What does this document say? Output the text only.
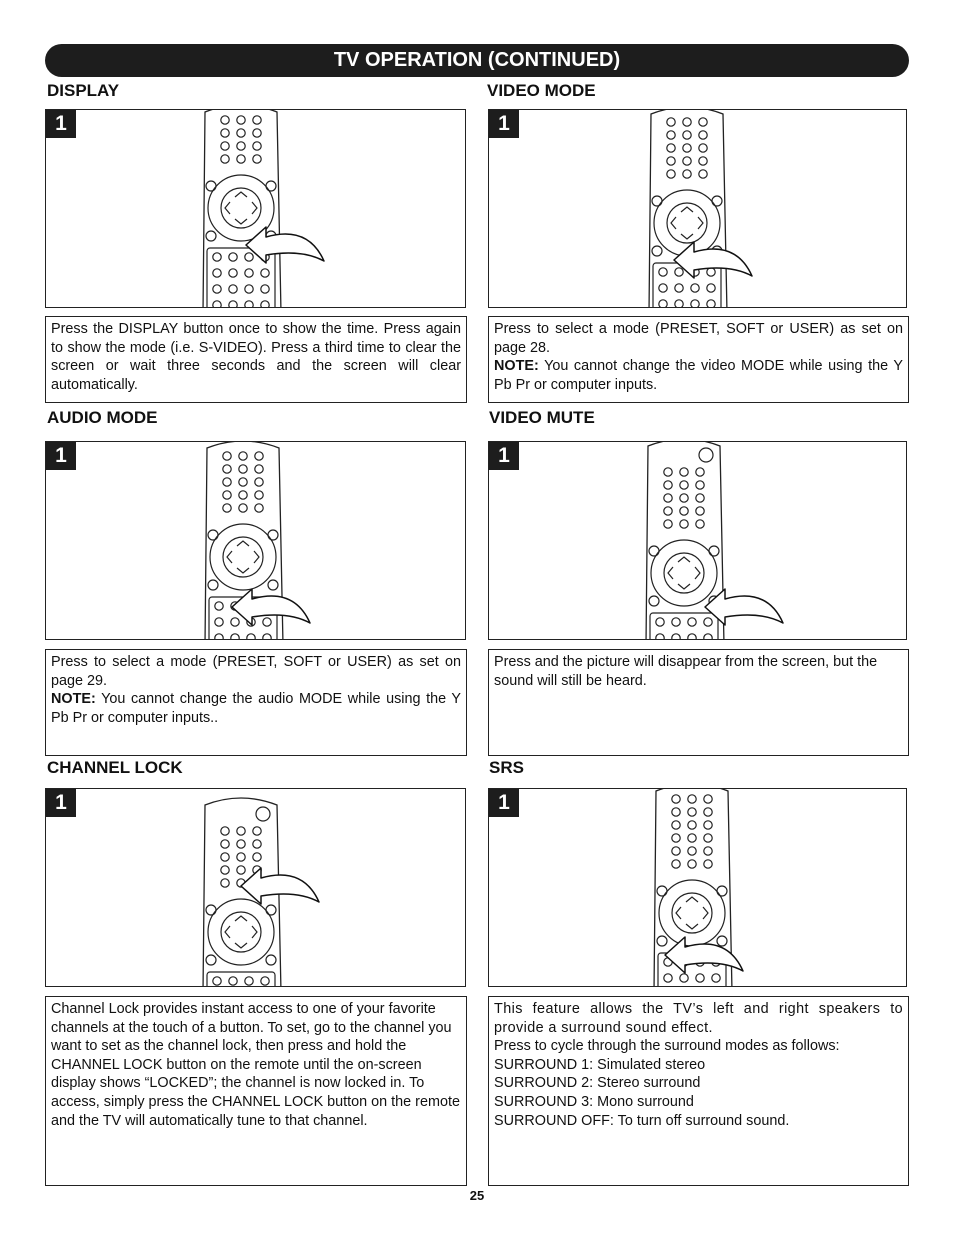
TV OPERATION (CONTINUED)
DISPLAY
1

Press the DISPLAY button once to show the time. Press again to show the mode (i.e. S-VIDEO). Press a third time to clear the screen or wait three seconds and the screen will clear automatically.

VIDEO MODE
1

Press to select a mode (PRESET, SOFT or USER) as set on page 28.

NOTE: You cannot change the video MODE while using the Y Pb Pr or computer inputs.

AUDIO MODE
1

Press to select a mode (PRESET, SOFT or USER) as set on page 29.

NOTE: You cannot change the audio MODE while using the Y Pb Pr or computer inputs..

VIDEO MUTE
1

Press and the picture will disappear from the screen, but the sound will still be heard.

CHANNEL LOCK
1

Channel Lock provides instant access to one of your favorite channels at the touch of a button. To set, go to the channel you want to set as the channel lock, then press and hold the CHANNEL LOCK button on the remote until the on-screen display shows “LOCKED”; the channel is now locked in. To access, simply press the CHANNEL LOCK button on the remote and the TV will automatically tune to that channel.

SRS
1

This feature allows the TV’s left and right speakers to provide a surround sound effect.

Press to cycle through the surround modes as follows:

SURROUND 1: Simulated stereo

SURROUND 2: Stereo surround

SURROUND 3: Mono surround

SURROUND OFF: To turn off surround sound.

25
